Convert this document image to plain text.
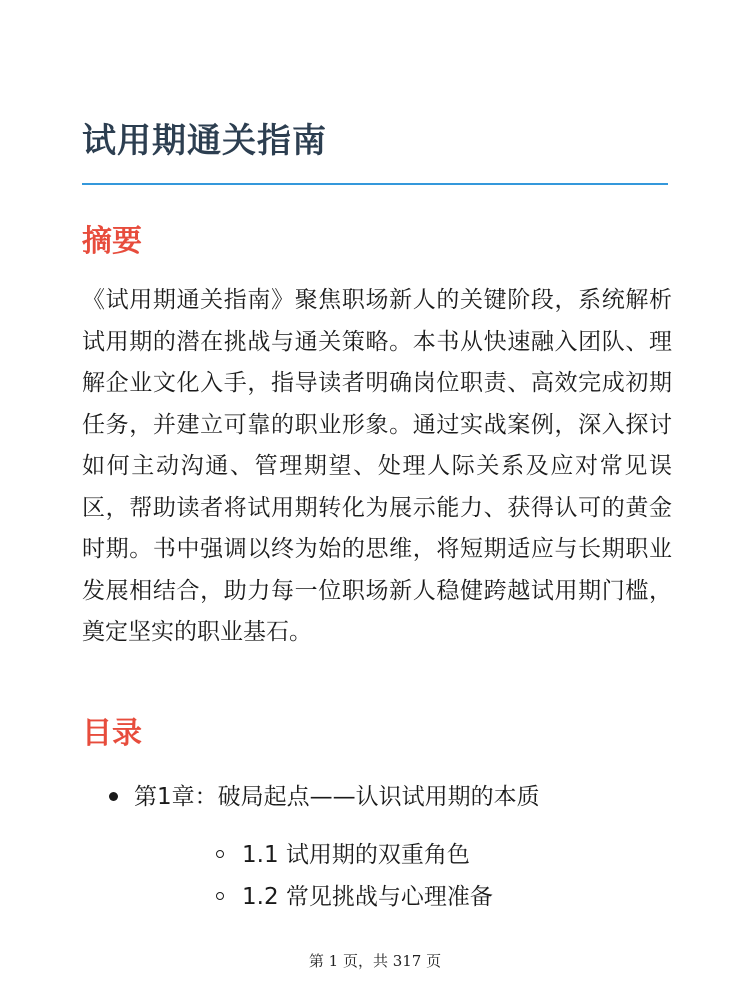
试用期通关指南
摘要

《试用期通关指南》聚焦职场新人的关键阶段，系统解析试用期的潜在挑战与通关策略。本书从快速融入团队、理解企业文化入手，指导读者明确岗位职责、高效完成初期任务，并建立可靠的职业形象。通过实战案例，深入探讨如何主动沟通、管理期望、处理人际关系及应对常见误区，帮助读者将试用期转化为展示能力、获得认可的黄金时期。书中强调以终为始的思维，将短期适应与长期职业发展相结合，助力每一位职场新人稳健跨越试用期门槛，奠定坚实的职业基石。

目录
第1章：破局起点——认识试用期的本质
1.1 试用期的双重角色
1.2 常见挑战与心理准备
第 1 页，共 317 页
